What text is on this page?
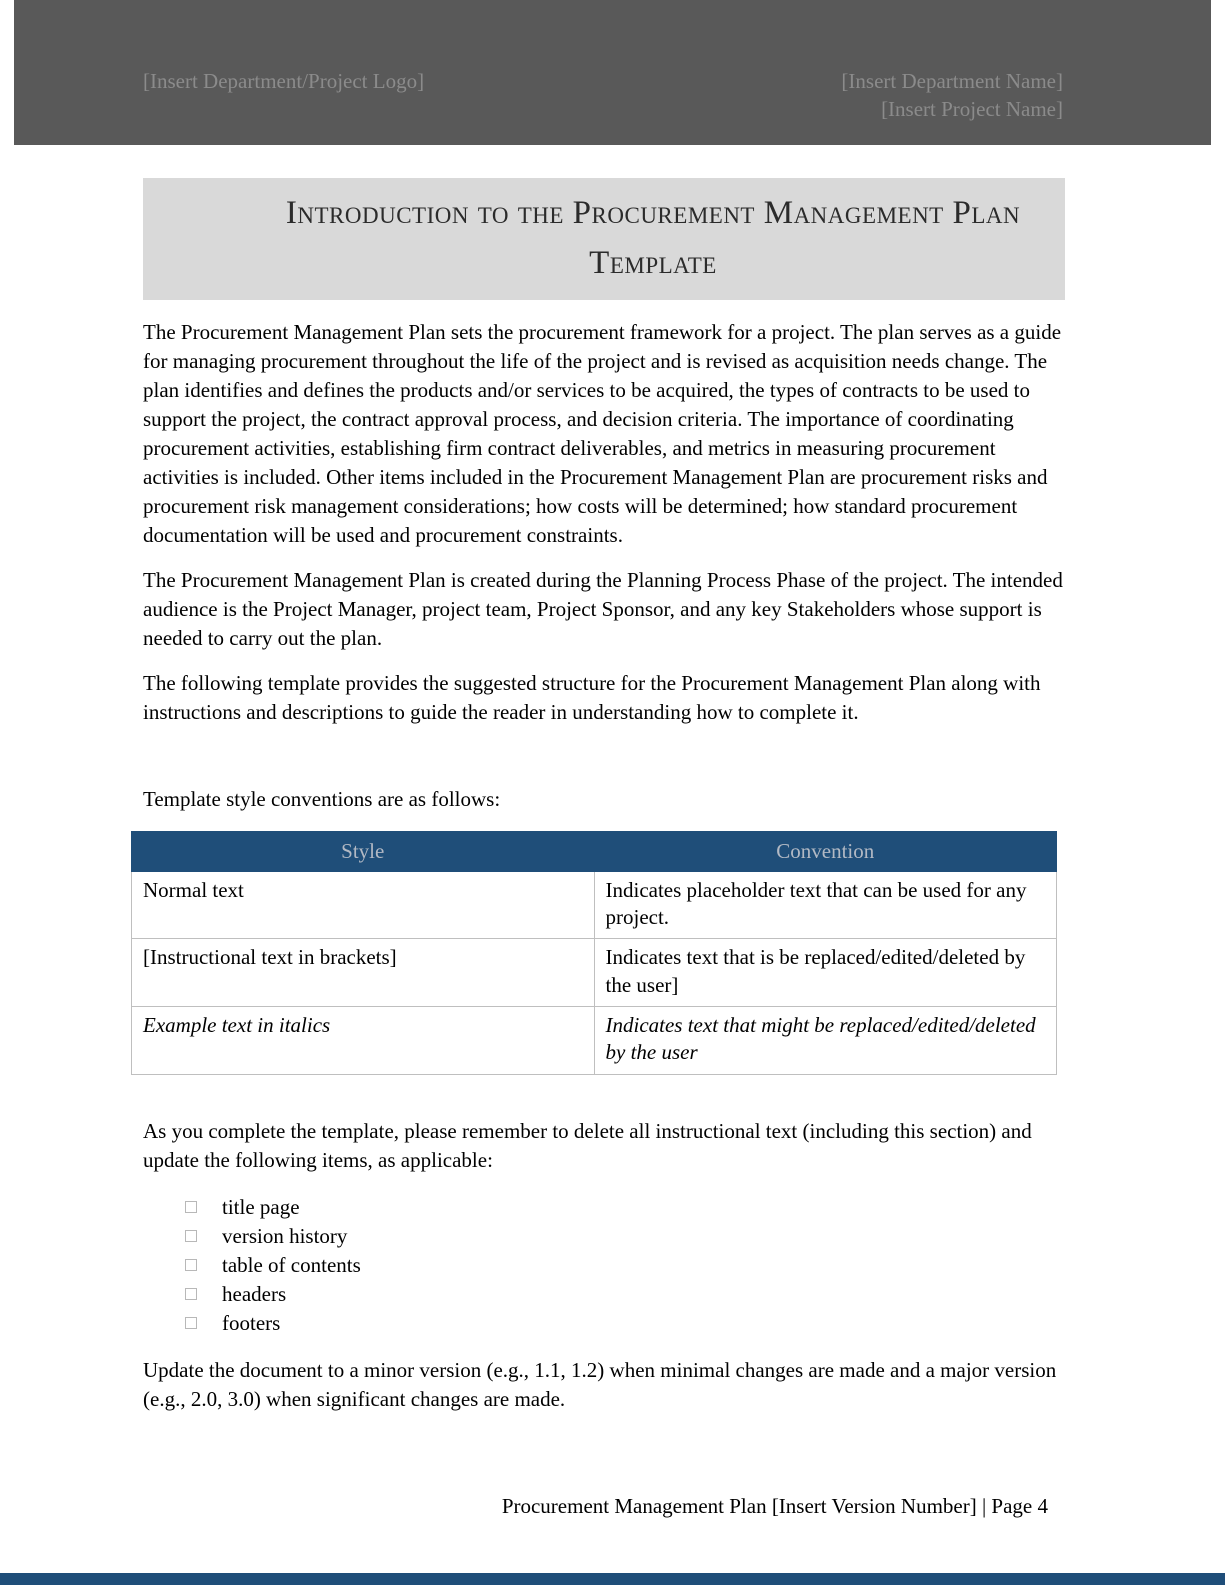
[Insert Department/Project Logo]	[Insert Department Name]
[Insert Project Name]
Introduction to the Procurement Management Plan
Template

The Procurement Management Plan sets the procurement framework for a project. The plan serves as a guide for managing procurement throughout the life of the project and is revised as acquisition needs change. The plan identifies and defines the products and/or services to be acquired, the types of contracts to be used to support the project, the contract approval process, and decision criteria. The importance of coordinating procurement activities, establishing firm contract deliverables, and metrics in measuring procurement activities is included. Other items included in the Procurement Management Plan are procurement risks and procurement risk management considerations; how costs will be determined; how standard procurement documentation will be used and procurement constraints.

The Procurement Management Plan is created during the Planning Process Phase of the project. The intended audience is the Project Manager, project team, Project Sponsor, and any key Stakeholders whose support is needed to carry out the plan.

The following template provides the suggested structure for the Procurement Management Plan along with instructions and descriptions to guide the reader in understanding how to complete it.

Template style conventions are as follows:

Style	Convention
Normal text	Indicates placeholder text that can be used for any project.
[Instructional text in brackets]	Indicates text that is be replaced/edited/deleted by the user]
Example text in italics	Indicates text that might be replaced/edited/deleted by the user

As you complete the template, please remember to delete all instructional text (including this section) and update the following items, as applicable:

title page
version history
table of contents
headers
footers

Update the document to a minor version (e.g., 1.1, 1.2) when minimal changes are made and a major version (e.g., 2.0, 3.0) when significant changes are made.

Procurement Management Plan [Insert Version Number] | Page 4
